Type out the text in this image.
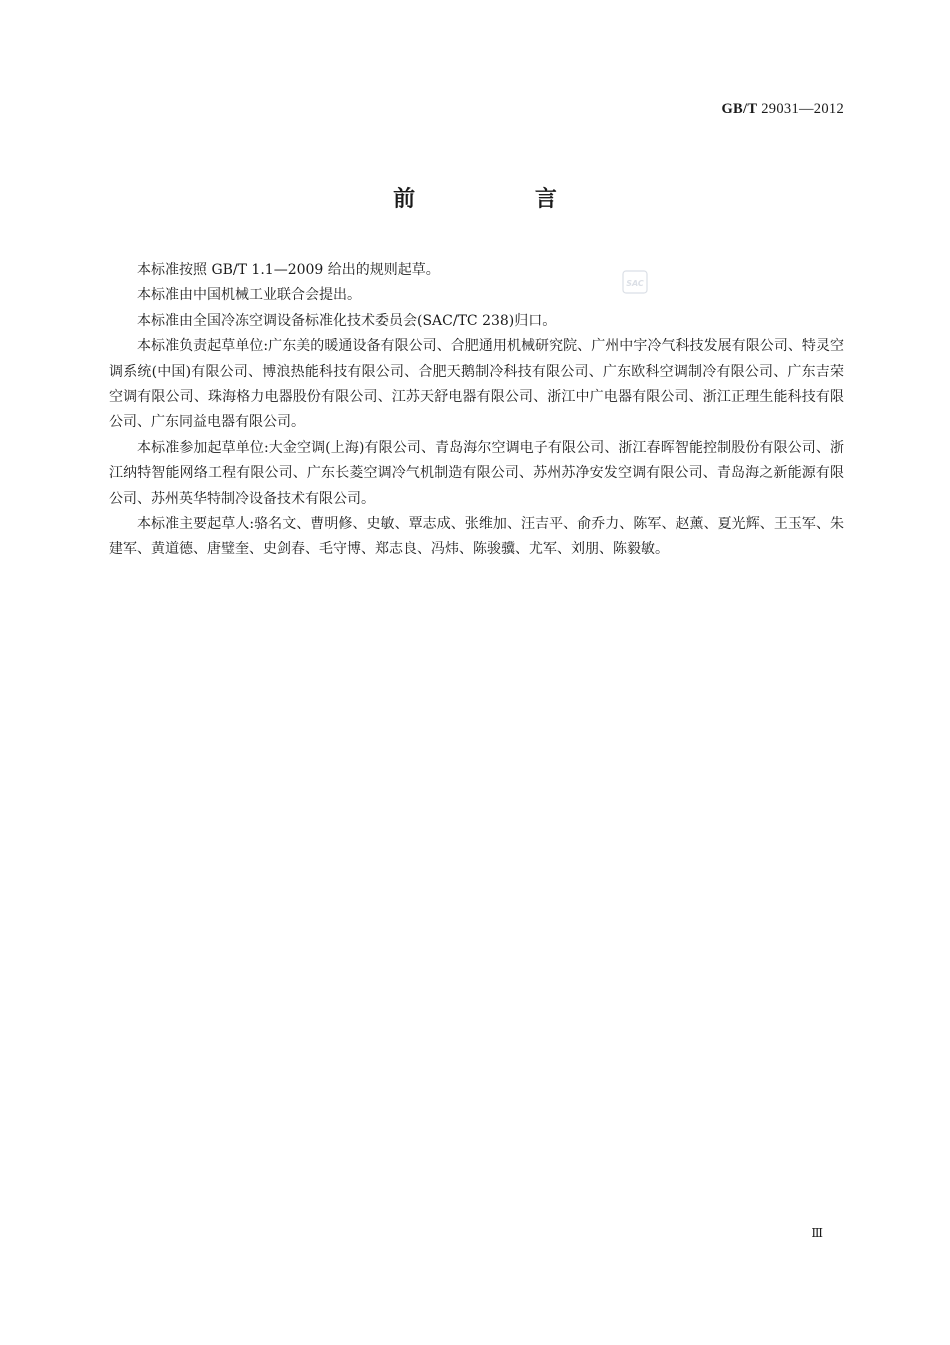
GB/T 29031—2012
前 言
SAC

本标准按照 GB/T 1.1—2009 给出的规则起草。

本标准由中国机械工业联合会提出。

本标准由全国冷冻空调设备标准化技术委员会(SAC/TC 238)归口。

本标准负责起草单位:广东美的暖通设备有限公司、合肥通用机械研究院、广州中宇冷气科技发展有限公司、特灵空调系统(中国)有限公司、博浪热能科技有限公司、合肥天鹅制冷科技有限公司、广东欧科空调制冷有限公司、广东吉荣空调有限公司、珠海格力电器股份有限公司、江苏天舒电器有限公司、浙江中广电器有限公司、浙江正理生能科技有限公司、广东同益电器有限公司。

本标准参加起草单位:大金空调(上海)有限公司、青岛海尔空调电子有限公司、浙江春晖智能控制股份有限公司、浙江纳特智能网络工程有限公司、广东长菱空调冷气机制造有限公司、苏州苏净安发空调有限公司、青岛海之新能源有限公司、苏州英华特制冷设备技术有限公司。

本标准主要起草人:骆名文、曹明修、史敏、覃志成、张维加、汪吉平、俞乔力、陈军、赵薰、夏光辉、王玉军、朱建军、黄道德、唐璧奎、史剑春、毛守博、郑志良、冯炜、陈骏骥、尤军、刘朋、陈毅敏。

Ⅲ
